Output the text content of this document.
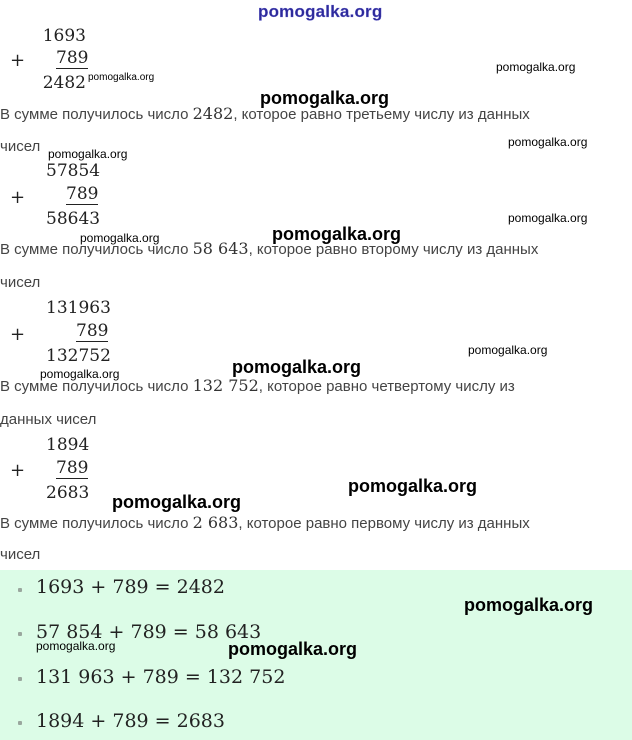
pomogalka.org
1693
+ 789
2482 pomogalka.org
pomogalka.org
pomogalka.org
В сумме получилось число 2482, которое равно третьему числу из данных
чисел pomogalka.org
pomogalka.org
57854
+ 789
58643	pomogalka.org
pomogalka.org
pomogalka.org
В сумме получилось число 58 643, которое равно второму числу из данных
чисел
131963
+	789
132752	pomogalka.org
pomogalka.org
pomogalka.org
В сумме получилось число 132 752, которое равно четвертому числу из
данных чисел
1894
+ 789
2683	pomogalka.org
pomogalka.org
В сумме получилось число 2 683, которое равно первому числу из данных
чисел
1693 + 789 = 2482
57 854 + 789 = 58 643
131 963 + 789 = 132 752
1894 + 789 = 2683
pomogalka.org
pomogalka.org	pomogalka.org
